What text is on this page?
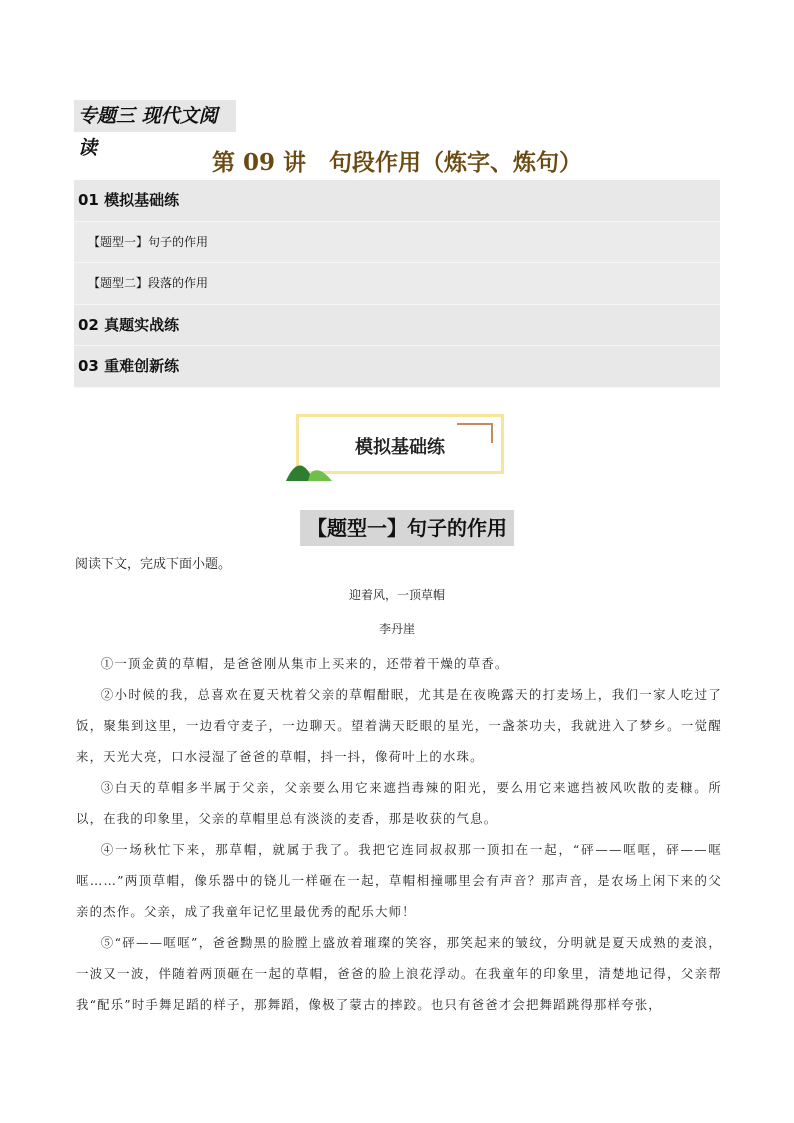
专题三 现代文阅读
第 09 讲　句段作用（炼字、炼句）
01 模拟基础练
【题型一】句子的作用
【题型二】段落的作用
02 真题实战练
03 重难创新练
模拟基础练
【题型一】句子的作用
阅读下文，完成下面小题。
迎着风，一顶草帽
李丹崖

①一顶金黄的草帽，是爸爸刚从集市上买来的，还带着干燥的草香。

②小时候的我，总喜欢在夏天枕着父亲的草帽酣眠，尤其是在夜晚露天的打麦场上，我们一家人吃过了饭，聚集到这里，一边看守麦子，一边聊天。望着满天眨眼的星光，一盏茶功夫，我就进入了梦乡。一觉醒来，天光大亮，口水浸湿了爸爸的草帽，抖一抖，像荷叶上的水珠。

③白天的草帽多半属于父亲，父亲要么用它来遮挡毒辣的阳光，要么用它来遮挡被风吹散的麦糠。所以，在我的印象里，父亲的草帽里总有淡淡的麦香，那是收获的气息。

④一场秋忙下来，那草帽，就属于我了。我把它连同叔叔那一顶扣在一起，“砰——哐哐，砰——哐哐……”两顶草帽，像乐器中的铙儿一样砸在一起，草帽相撞哪里会有声音？那声音，是农场上闲下来的父亲的杰作。父亲，成了我童年记忆里最优秀的配乐大师！

⑤“砰——哐哐”，爸爸黝黑的脸膛上盛放着璀璨的笑容，那笑起来的皱纹，分明就是夏天成熟的麦浪，一波又一波，伴随着两顶砸在一起的草帽，爸爸的脸上浪花浮动。在我童年的印象里，清楚地记得，父亲帮我“配乐”时手舞足蹈的样子，那舞蹈，像极了蒙古的摔跤。也只有爸爸才会把舞蹈跳得那样夸张，
